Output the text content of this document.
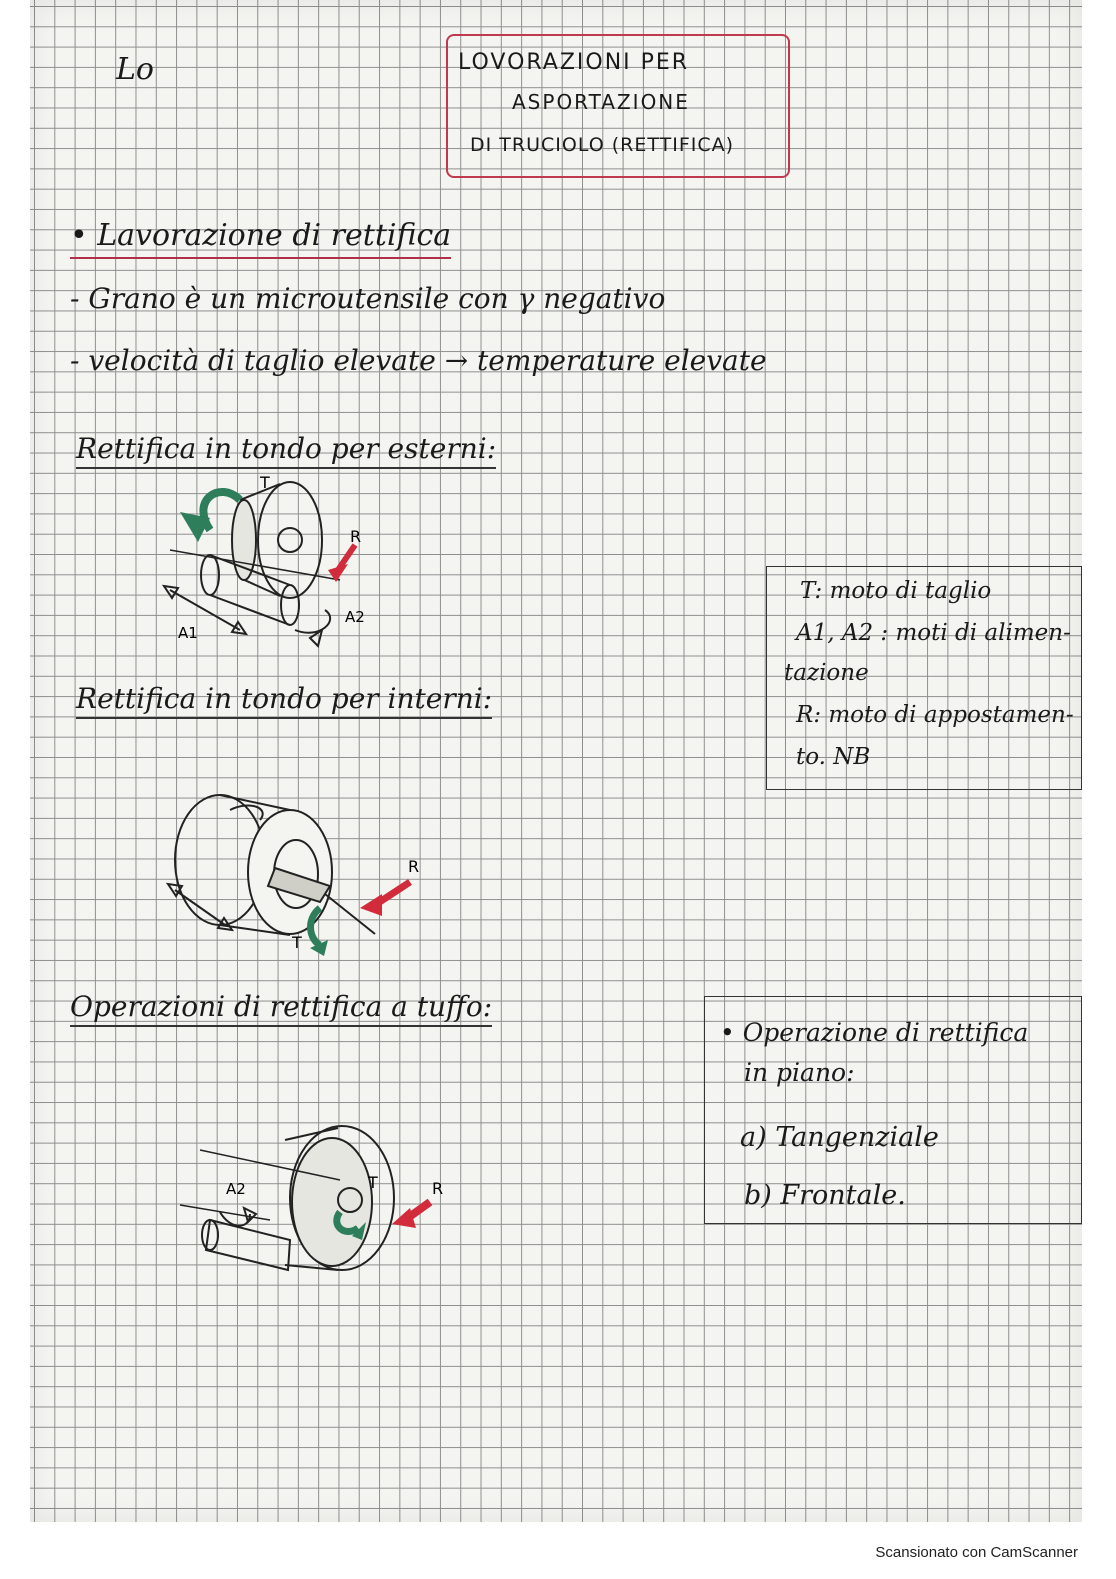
Lo	LOVORAZIONI PER
ASPORTAZIONE
DI TRUCIOLO (RETTIFICA)
• Lavorazione di rettifica
- Grano è un microutensile con γ negativo
- velocità di taglio elevate → temperature elevate
Rettifica in tondo per esterni:
T
R
A1
A2
T: moto di taglio
A1, A2 : moti di alimen-
tazione
R: moto di appostamen-
to. NB
Rettifica in tondo per interni:
R
T
Operazioni di rettifica a tuffo:
• Operazione di rettifica
in piano:
a) Tangenziale
b) Frontale.
A2	T	R
Scansionato con CamScanner
